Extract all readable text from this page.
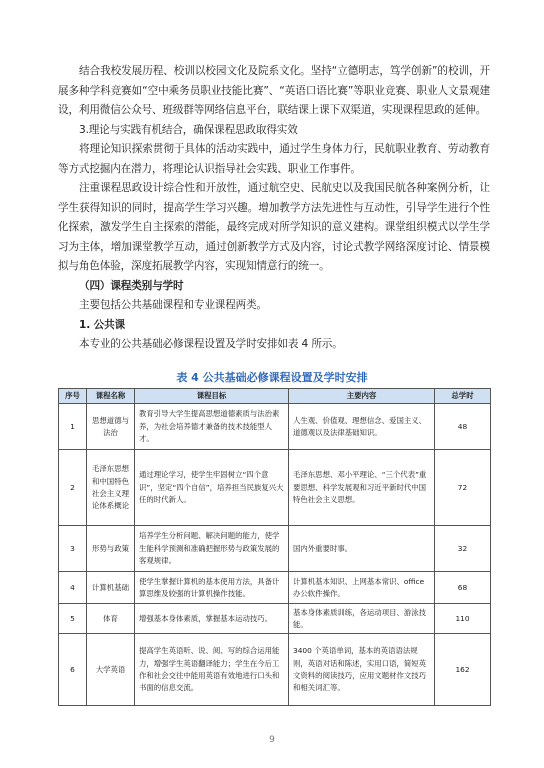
结合我校发展历程、校训以校园文化及院系文化。坚持“立德明志，笃学创新”的校训，开展多种学科竞赛如“空中乘务员职业技能比赛”、“英语口语比赛”等职业竞赛、职业人文景观建设，利用微信公众号、班级群等网络信息平台，联结课上课下双渠道，实现课程思政的延伸。

3.理论与实践有机结合，确保课程思政取得实效

将理论知识探索贯彻于具体的活动实践中，通过学生身体力行，民航职业教育、劳动教育等方式挖掘内在潜力，将理论认识指导社会实践、职业工作事件。

注重课程思政设计综合性和开放性，通过航空史、民航史以及我国民航各种案例分析，让学生获得知识的同时，提高学生学习兴趣。增加教学方法先进性与互动性，引导学生进行个性化探索，激发学生自主探索的潜能，最终完成对所学知识的意义建构。课堂组织模式以学生学习为主体，增加课堂教学互动，通过创新教学方式及内容，讨论式教学网络深度讨论、情景模拟与角色体验，深度拓展教学内容，实现知情意行的统一。

（四）课程类别与学时

主要包括公共基础课程和专业课程两类。

1. 公共课

本专业的公共基础必修课程设置及学时安排如表 4 所示。

表 4 公共基础必修课程设置及学时安排
序号	课程名称	课程目标	主要内容	总学时
1	思想道德与法治	教育引导大学生提高思想道德素质与法治素养，为社会培养德才兼备的技术技能型人才。	人生观、价值观、理想信念、爱国主义、道德观以及法律基础知识。	48
2	毛泽东思想和中国特色社会主义理论体系概论	通过理论学习，使学生牢固树立“四个意识”，坚定“四个自信”，培养担当民族复兴大任的时代新人。	毛泽东思想、邓小平理论、“三个代表”重要思想、科学发展观和习近平新时代中国特色社会主义思想。	72
3	形势与政策	培养学生分析问题、解决问题的能力，使学生能科学预测和准确把握形势与政策发展的客观规律。	国内外重要时事。	32
4	计算机基础	使学生掌握计算机的基本使用方法，具备计算思维及较强的计算机操作技能。	计算机基本知识、上网基本常识、office 办公软件操作。	68
5	体育	增强基本身体素质，掌握基本运动技巧。	基本身体素质训练，各运动项目、游泳技能。	110
6	大学英语	提高学生英语听、说、阅、写的综合运用能力，增强学生英语翻译能力；学生在今后工作和社会交往中能用英语有效地进行口头和书面的信息交流。	3400 个英语单词，基本的英语语法规则，英语对话和陈述，实用口语，简短英文资料的阅读技巧，应用文题材作文技巧和相关词汇等。	162
9
